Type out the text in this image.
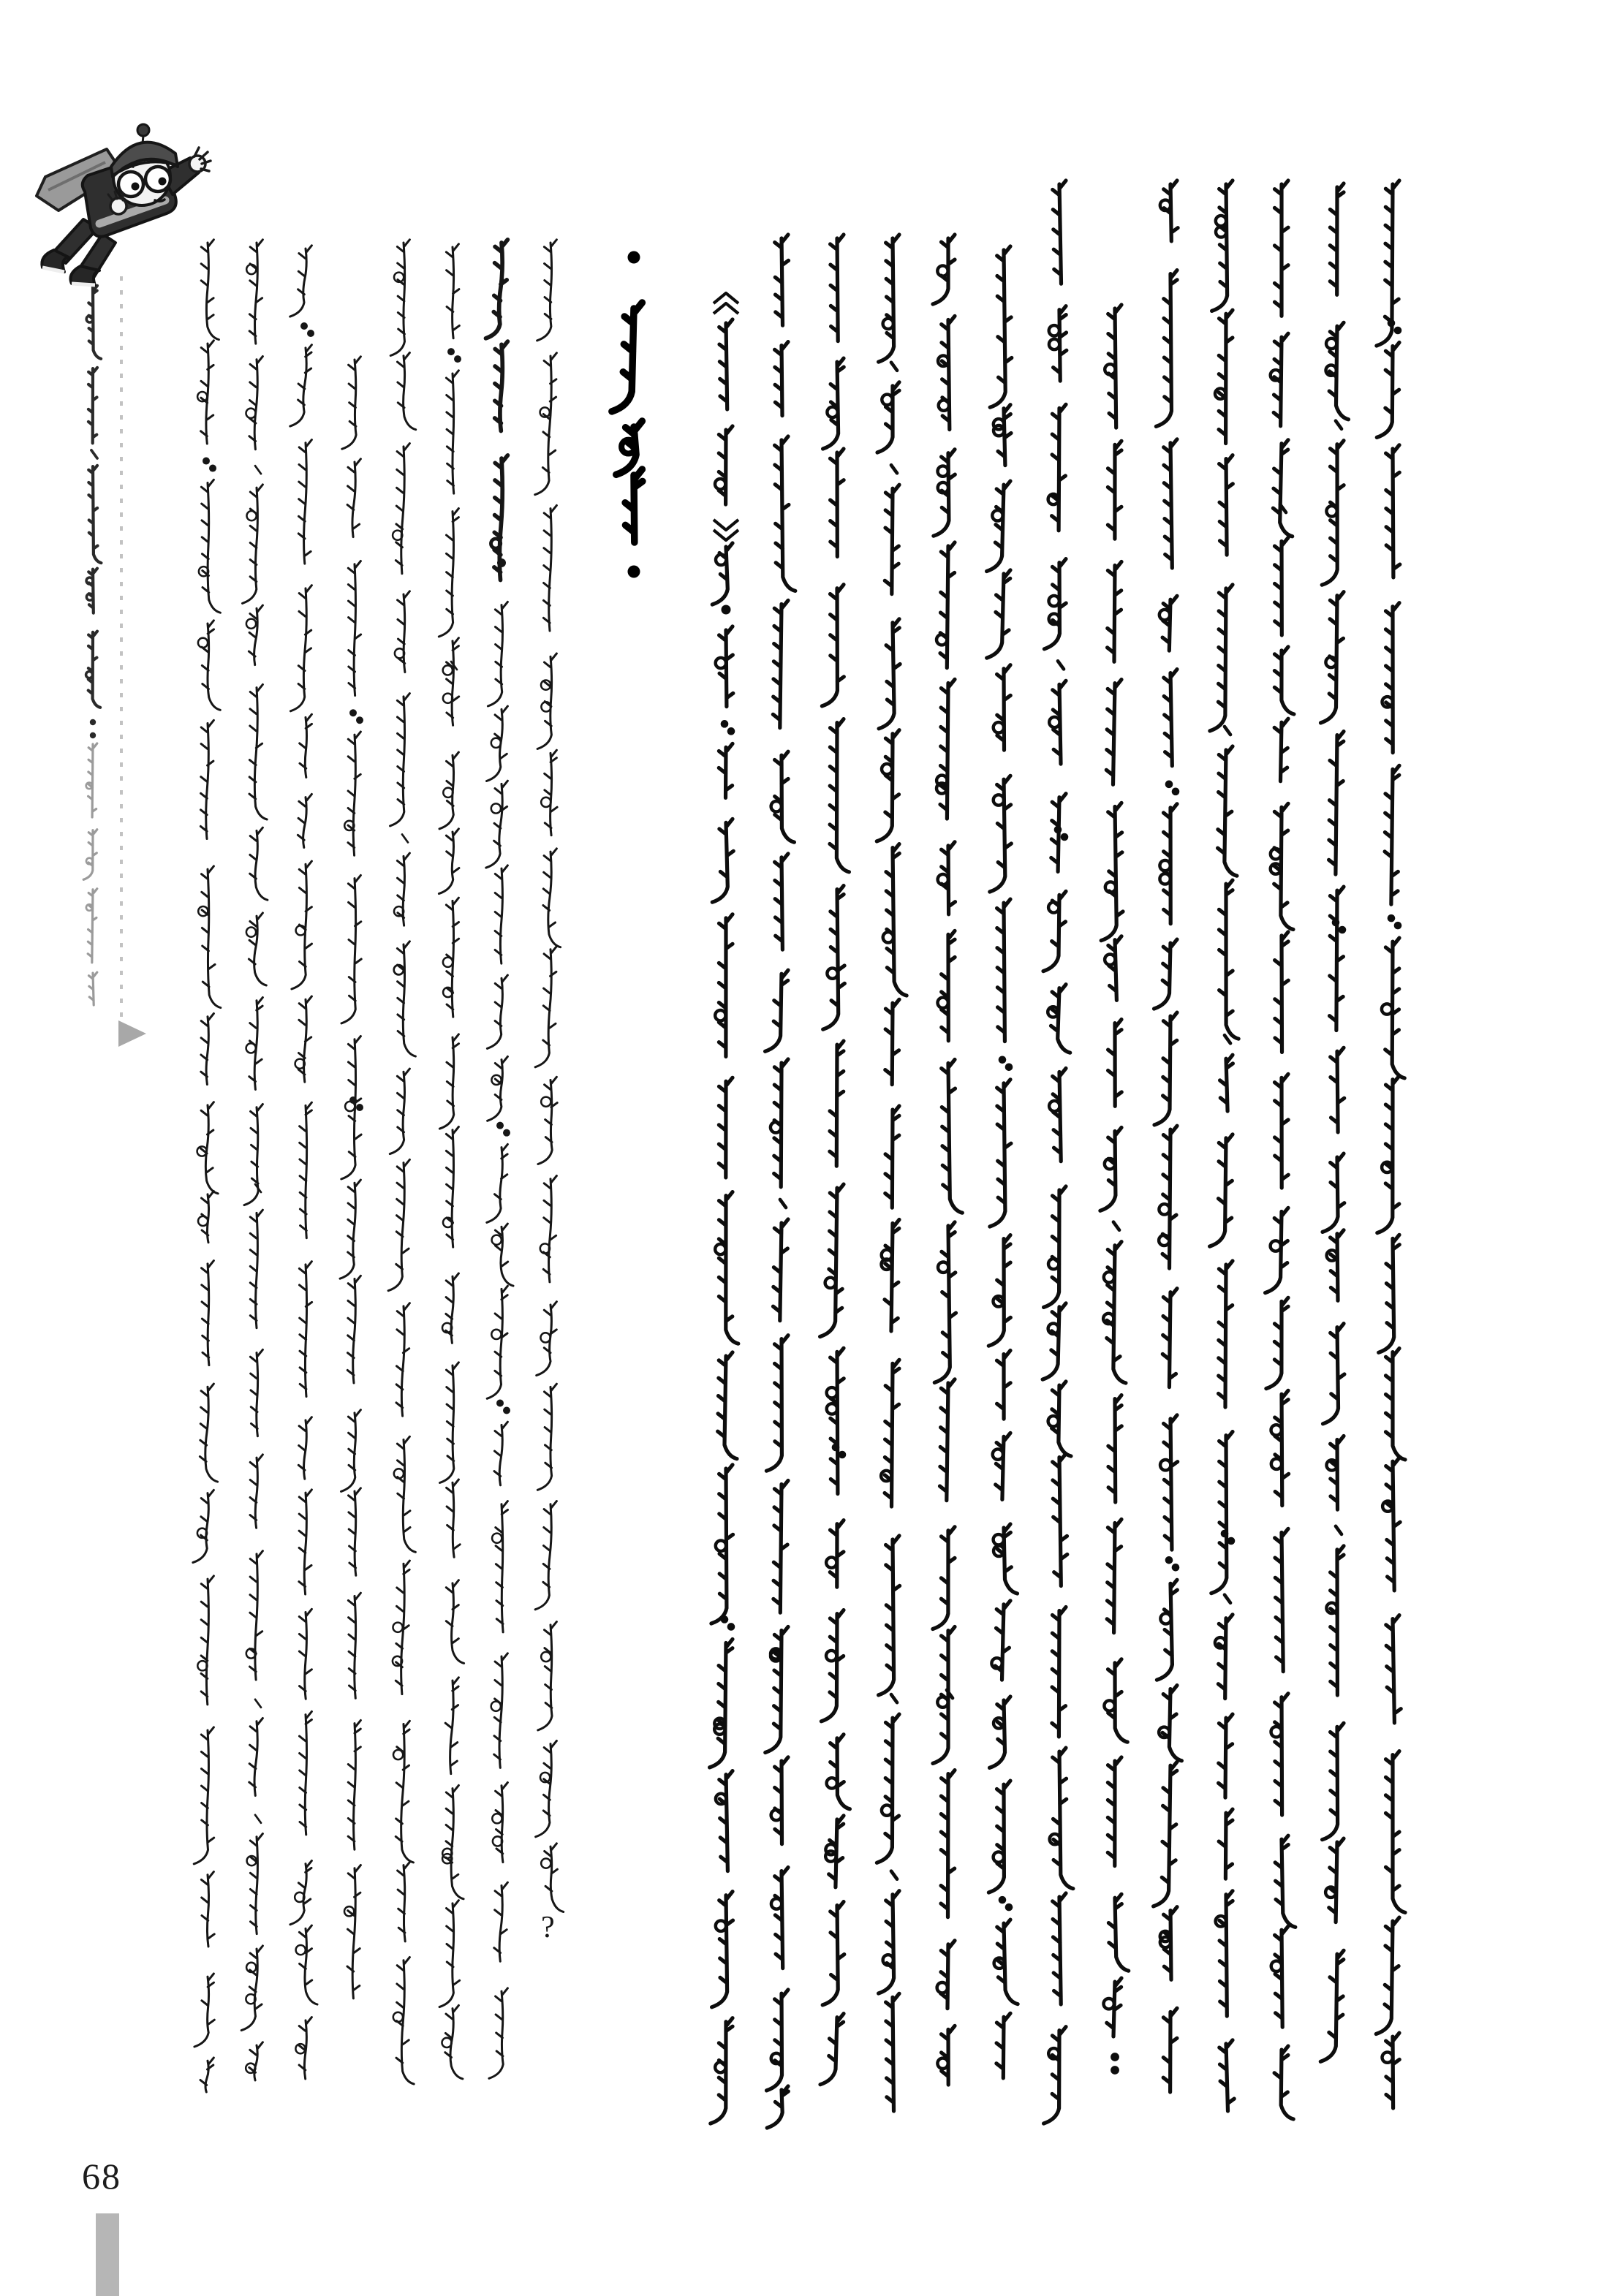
?
68
